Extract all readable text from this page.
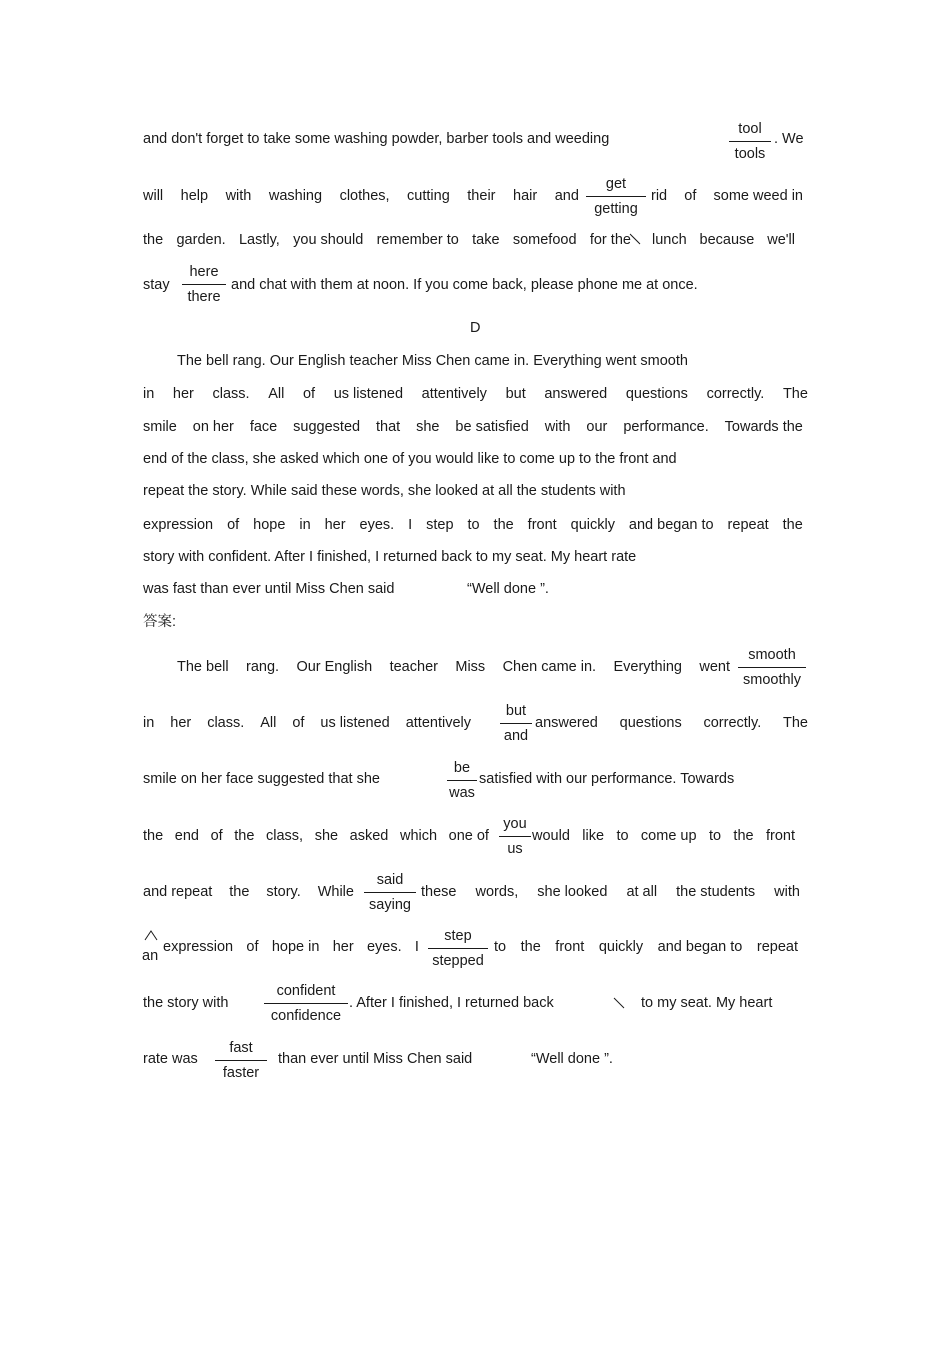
and don't forget to take some washing powder, barber tools and weeding
tool
tools
. We
will help with washing clothes, cutting their hair and
get
getting
rid of some weed in
the garden. Lastly, you should remember to take somefood for the lunch because we'll
stay
here
there
and chat with them at noon. If you come back, please phone me at once.
D
The bell rang. Our English teacher Miss Chen came in. Everything went smooth
in her class. All of us listened attentively but answered questions correctly. The
smile on her face suggested that she be satisfied with our performance. Towards the
end of the class, she asked which one of you would like to come up to the front and
repeat the story. While said these words, she looked at all the students with
expression of hope in her eyes. I step to the front quickly and began to repeat the
story with confident. After I finished, I returned back to my seat. My heart rate
was fast than ever until Miss Chen said	“Well done ”.
答案:
The bell rang. Our English teacher Miss Chen came in. Everything went
smooth
smoothly
in her class. All of us listened attentively
but
and
answered questions correctly. The
smile on her face suggested that she
be
was
satisfied with our performance. Towards
the end of the class, she asked which one of
you
us
would like to come up to the front
and repeat the story. While
said
saying
these words, she looked at all the students with
an
expression of hope in her eyes. I
step
stepped
to the front quickly and began to repeat
the story with
confident
confidence
. After I finished, I returned back	to my seat. My heart
rate was
fast
faster
than ever until Miss Chen said	“Well done ”.
